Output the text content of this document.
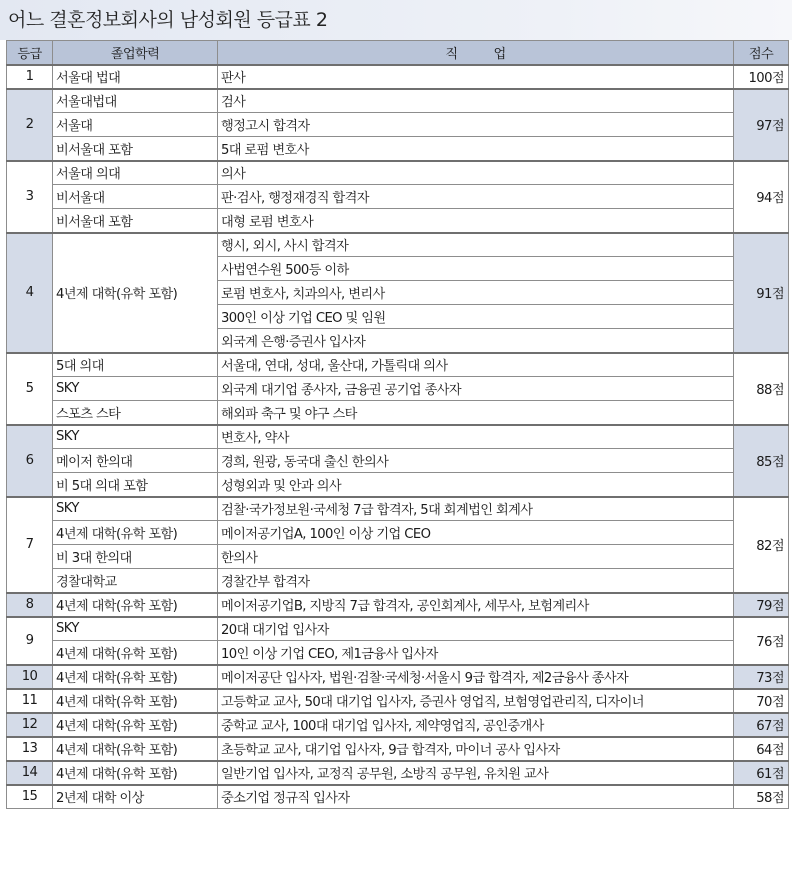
어느 결혼정보회사의 남성회원 등급표 2
등급	졸업학력	직          업	점수
1	서울대 법대	판사	100점
2	서울대법대	검사	97점
	서울대	행정고시 합격자	
	비서울대 포함	5대 로펌 변호사	
3	서울대 의대	의사	94점
	비서울대	판·검사, 행정재경직 합격자	
	비서울대 포함	대형 로펌 변호사	
4	4년제 대학(유학 포함)	행시, 외시, 사시 합격자	91점
		사법연수원 500등 이하	
		로펌 변호사, 치과의사, 변리사	
		300인 이상 기업 CEO 및 임원	
		외국계 은행·증권사 입사자	
5	5대 의대	서울대, 연대, 성대, 울산대, 가톨릭대 의사	88점
	SKY	외국계 대기업 종사자, 금융권 공기업 종사자	
	스포츠 스타	해외파 축구 및 야구 스타	
6	SKY	변호사, 약사	85점
	메이저 한의대	경희, 원광, 동국대 출신 한의사	
	비 5대 의대 포함	성형외과 및 안과 의사	
7	SKY	검찰·국가정보원·국세청 7급 합격자, 5대 회계법인 회계사	82점
	4년제 대학(유학 포함)	메이저공기업A, 100인 이상 기업 CEO	
	비 3대 한의대	한의사	
	경찰대학교	경찰간부 합격자	
8	4년제 대학(유학 포함)	메이저공기업B, 지방직 7급 합격자, 공인회계사, 세무사, 보험계리사	79점
9	SKY	20대 대기업 입사자	76점
	4년제 대학(유학 포함)	10인 이상 기업 CEO, 제1금융사 입사자	
10	4년제 대학(유학 포함)	메이저공단 입사자, 법원·검찰·국세청·서울시 9급 합격자, 제2금융사 종사자	73점
11	4년제 대학(유학 포함)	고등학교 교사, 50대 대기업 입사자, 증권사 영업직, 보험영업관리직, 디자이너	70점
12	4년제 대학(유학 포함)	중학교 교사, 100대 대기업 입사자, 제약영업직, 공인중개사	67점
13	4년제 대학(유학 포함)	초등학교 교사, 대기업 입사자, 9급 합격자, 마이너 공사 입사자	64점
14	4년제 대학(유학 포함)	일반기업 입사자, 교정직 공무원, 소방직 공무원, 유치원 교사	61점
15	2년제 대학 이상	중소기업 정규직 입사자	58점
